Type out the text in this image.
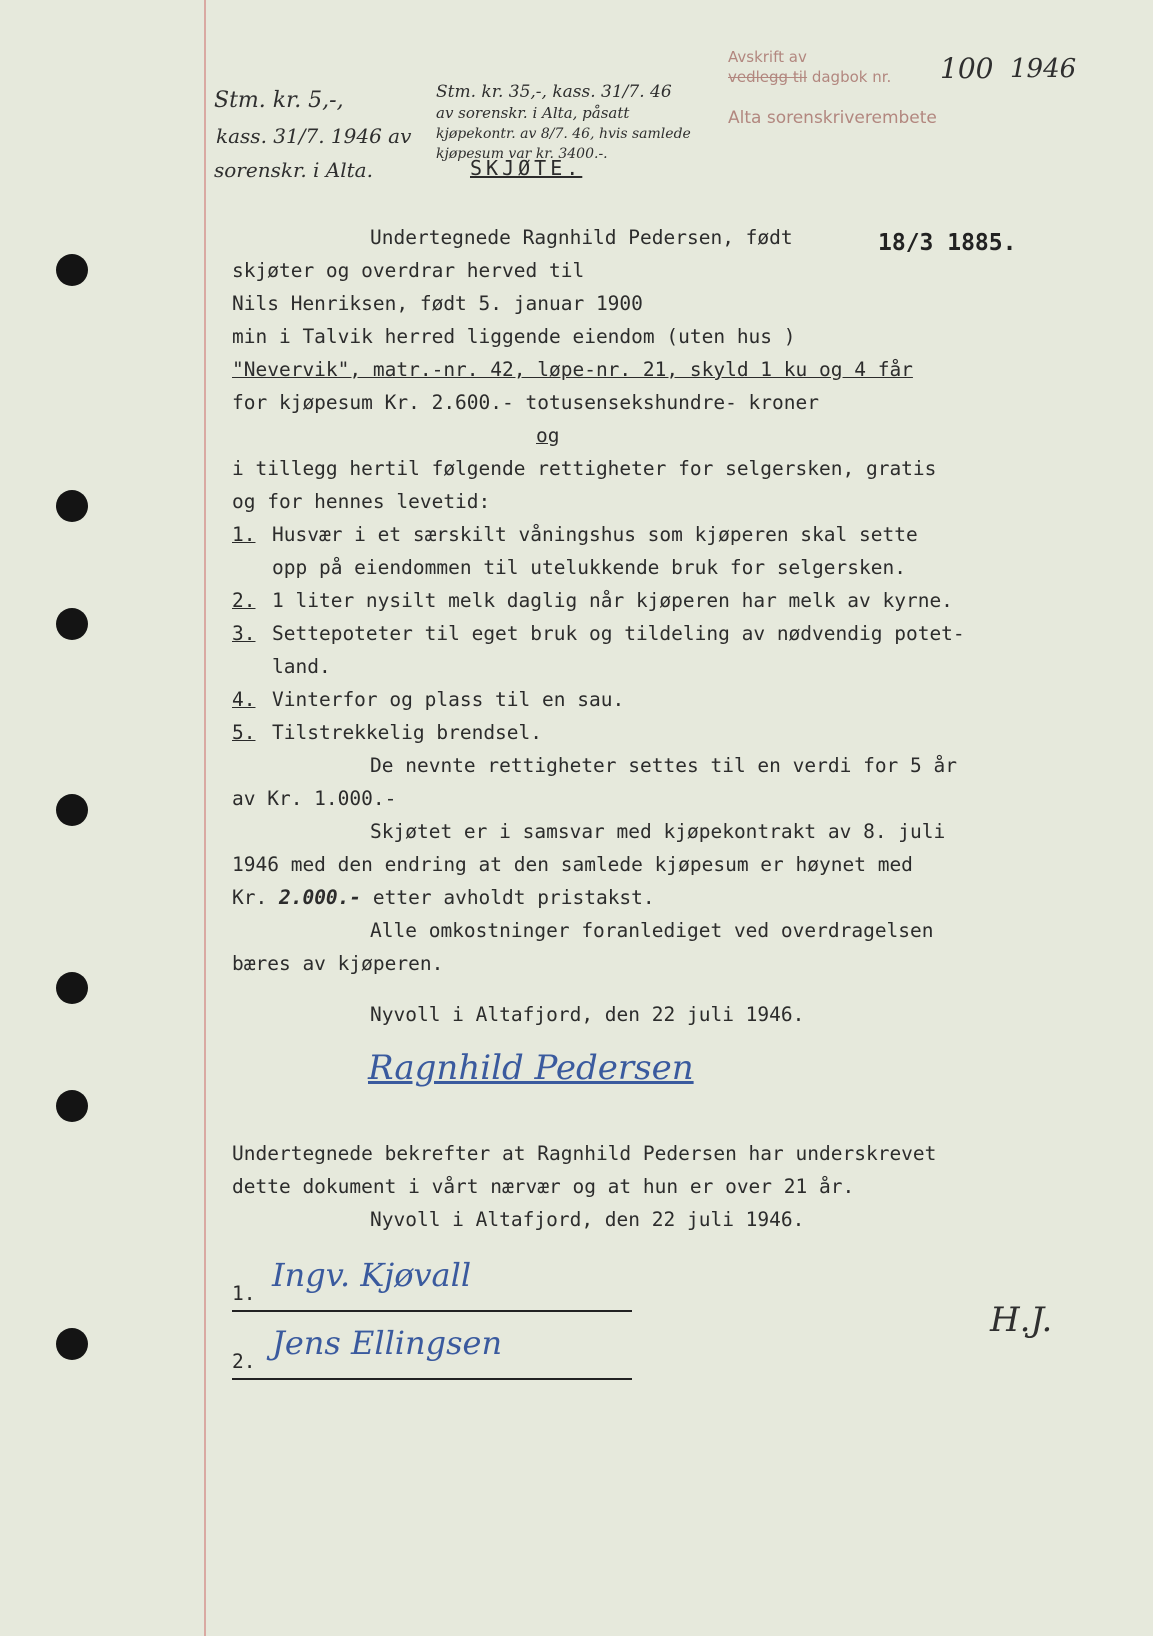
Avskrift av
vedlegg til dagbok nr.
Alta sorenskriverembete
100 1946
Stm. kr. 5,-,
kass. 31/7. 1946 av
sorenskr. i Alta.
Stm. kr. 35,-, kass. 31/7. 46
av sorenskr. i Alta, påsatt
kjøpekontr. av 8/7. 46, hvis samlede
kjøpesum var kr. 3400.-.
SKJØTE.
Undertegnede Ragnhild Pedersen, født	18/3 1885.
skjøter og overdrar herved til
Nils Henriksen, født 5. januar 1900
min i Talvik herred liggende eiendom (uten hus )
"Nevervik", matr.-nr. 42, løpe-nr. 21, skyld 1 ku og 4 får
for kjøpesum Kr. 2.600.- totusensekshundre- kroner
og
i tillegg hertil følgende rettigheter for selgersken, gratis
og for hennes levetid:
1. Husvær i et særskilt våningshus som kjøperen skal sette
opp på eiendommen til utelukkende bruk for selgersken.
2. 1 liter nysilt melk daglig når kjøperen har melk av kyrne.
3. Settepoteter til eget bruk og tildeling av nødvendig potet-
land.
4. Vinterfor og plass til en sau.
5. Tilstrekkelig brendsel.
De nevnte rettigheter settes til en verdi for 5 år
av Kr. 1.000.-
Skjøtet er i samsvar med kjøpekontrakt av 8. juli
1946 med den endring at den samlede kjøpesum er høynet med
Kr. 2.000.- etter avholdt pristakst.
Alle omkostninger foranlediget ved overdragelsen
bæres av kjøperen.
Nyvoll i Altafjord, den 22 juli 1946.
Ragnhild Pedersen
Undertegnede bekrefter at Ragnhild Pedersen har underskrevet
dette dokument i vårt nærvær og at hun er over 21 år.
Nyvoll i Altafjord, den 22 juli 1946.
1. Ingv. Kjøvall
2. Jens Ellingsen
H.J.
